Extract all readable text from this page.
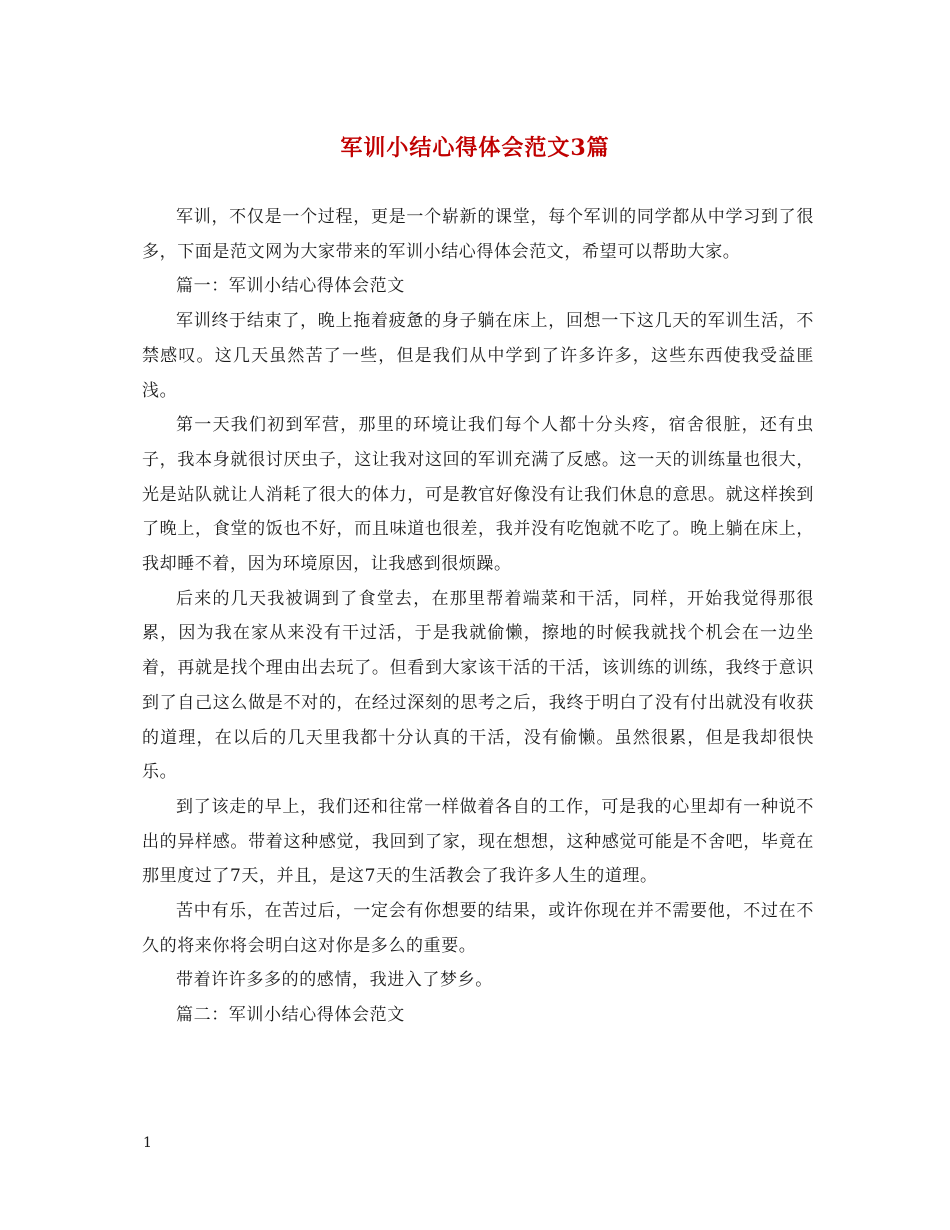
军训小结心得体会范文3篇

军训，不仅是一个过程，更是一个崭新的课堂，每个军训的同学都从中学习到了很多，下面是范文网为大家带来的军训小结心得体会范文，希望可以帮助大家。

篇一：军训小结心得体会范文

军训终于结束了，晚上拖着疲惫的身子躺在床上，回想一下这几天的军训生活，不禁感叹。这几天虽然苦了一些，但是我们从中学到了许多许多，这些东西使我受益匪浅。

第一天我们初到军营，那里的环境让我们每个人都十分头疼，宿舍很脏，还有虫子，我本身就很讨厌虫子，这让我对这回的军训充满了反感。这一天的训练量也很大，光是站队就让人消耗了很大的体力，可是教官好像没有让我们休息的意思。就这样挨到了晚上，食堂的饭也不好，而且味道也很差，我并没有吃饱就不吃了。晚上躺在床上，我却睡不着，因为环境原因，让我感到很烦躁。

后来的几天我被调到了食堂去，在那里帮着端菜和干活，同样，开始我觉得那很累，因为我在家从来没有干过活，于是我就偷懒，擦地的时候我就找个机会在一边坐着，再就是找个理由出去玩了。但看到大家该干活的干活，该训练的训练，我终于意识到了自己这么做是不对的，在经过深刻的思考之后，我终于明白了没有付出就没有收获的道理，在以后的几天里我都十分认真的干活，没有偷懒。虽然很累，但是我却很快乐。

到了该走的早上，我们还和往常一样做着各自的工作，可是我的心里却有一种说不出的异样感。带着这种感觉，我回到了家，现在想想，这种感觉可能是不舍吧，毕竟在那里度过了7天，并且，是这7天的生活教会了我许多人生的道理。

苦中有乐，在苦过后，一定会有你想要的结果，或许你现在并不需要他，不过在不久的将来你将会明白这对你是多么的重要。

带着许许多多的的感情，我进入了梦乡。

篇二：军训小结心得体会范文

1
